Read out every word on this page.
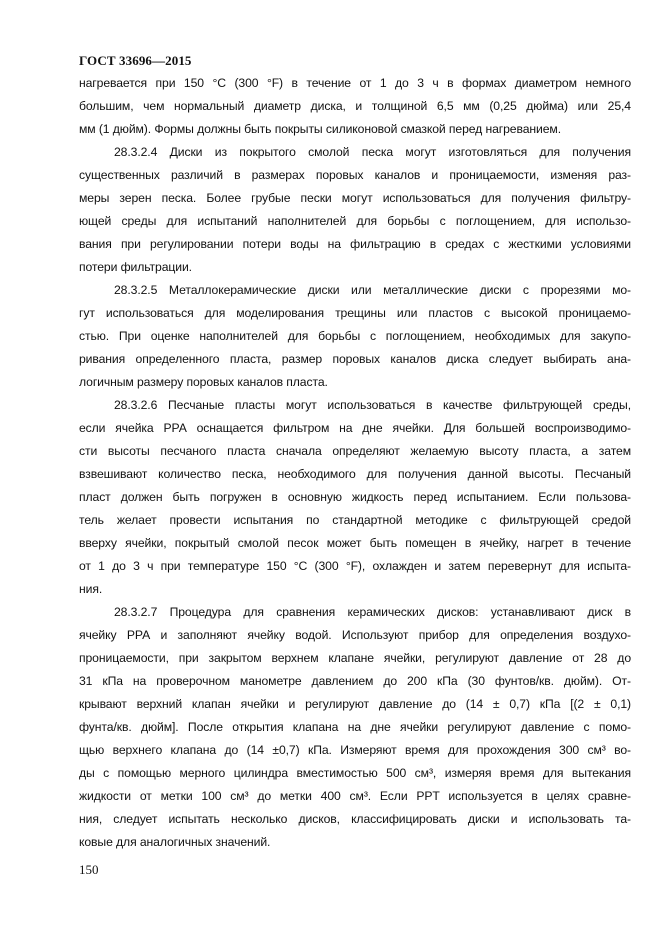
ГОСТ 33696—2015

нагревается при 150 °С (300 °F) в течение от 1 до 3 ч в формах диаметром немного

большим, чем нормальный диаметр диска, и толщиной 6,5 мм (0,25 дюйма) или 25,4

мм (1 дюйм). Формы должны быть покрыты силиконовой смазкой перед нагреванием.

28.3.2.4 Диски из покрытого смолой песка могут изготовляться для получения

существенных различий в размерах поровых каналов и проницаемости, изменяя раз-

меры зерен песка. Более грубые пески могут использоваться для получения фильтру-

ющей среды для испытаний наполнителей для борьбы с поглощением, для использо-

вания при регулировании потери воды на фильтрацию в средах с жесткими условиями

потери фильтрации.

28.3.2.5 Металлокерамические диски или металлические диски с прорезями мо-

гут использоваться для моделирования трещины или пластов с высокой проницаемо-

стью. При оценке наполнителей для борьбы с поглощением, необходимых для закупо-

ривания определенного пласта, размер поровых каналов диска следует выбирать ана-

логичным размеру поровых каналов пласта.

28.3.2.6 Песчаные пласты могут использоваться в качестве фильтрующей среды,

если ячейка РРА оснащается фильтром на дне ячейки. Для большей воспроизводимо-

сти высоты песчаного пласта сначала определяют желаемую высоту пласта, а затем

взвешивают количество песка, необходимого для получения данной высоты. Песчаный

пласт должен быть погружен в основную жидкость перед испытанием. Если пользова-

тель желает провести испытания по стандартной методике с фильтрующей средой

вверху ячейки, покрытый смолой песок может быть помещен в ячейку, нагрет в течение

от 1 до 3 ч при температуре 150 °С (300 °F), охлажден и затем перевернут для испыта-

ния.

28.3.2.7 Процедура для сравнения керамических дисков: устанавливают диск в

ячейку РРА и заполняют ячейку водой. Используют прибор для определения воздухо-

проницаемости, при закрытом верхнем клапане ячейки, регулируют давление от 28 до

31 кПа на проверочном манометре давлением до 200 кПа (30 фунтов/кв. дюйм). От-

крывают верхний клапан ячейки и регулируют давление до (14 ± 0,7) кПа [(2 ± 0,1)

фунта/кв. дюйм]. После открытия клапана на дне ячейки регулируют давление с помо-

щью верхнего клапана до (14 ±0,7) кПа. Измеряют время для прохождения 300 см³ во-

ды с помощью мерного цилиндра вместимостью 500 см³, измеряя время для вытекания

жидкости от метки 100 см³ до метки 400 см³. Если PPT используется в целях сравне-

ния, следует испытать несколько дисков, классифицировать диски и использовать та-

ковые для аналогичных значений.

150
